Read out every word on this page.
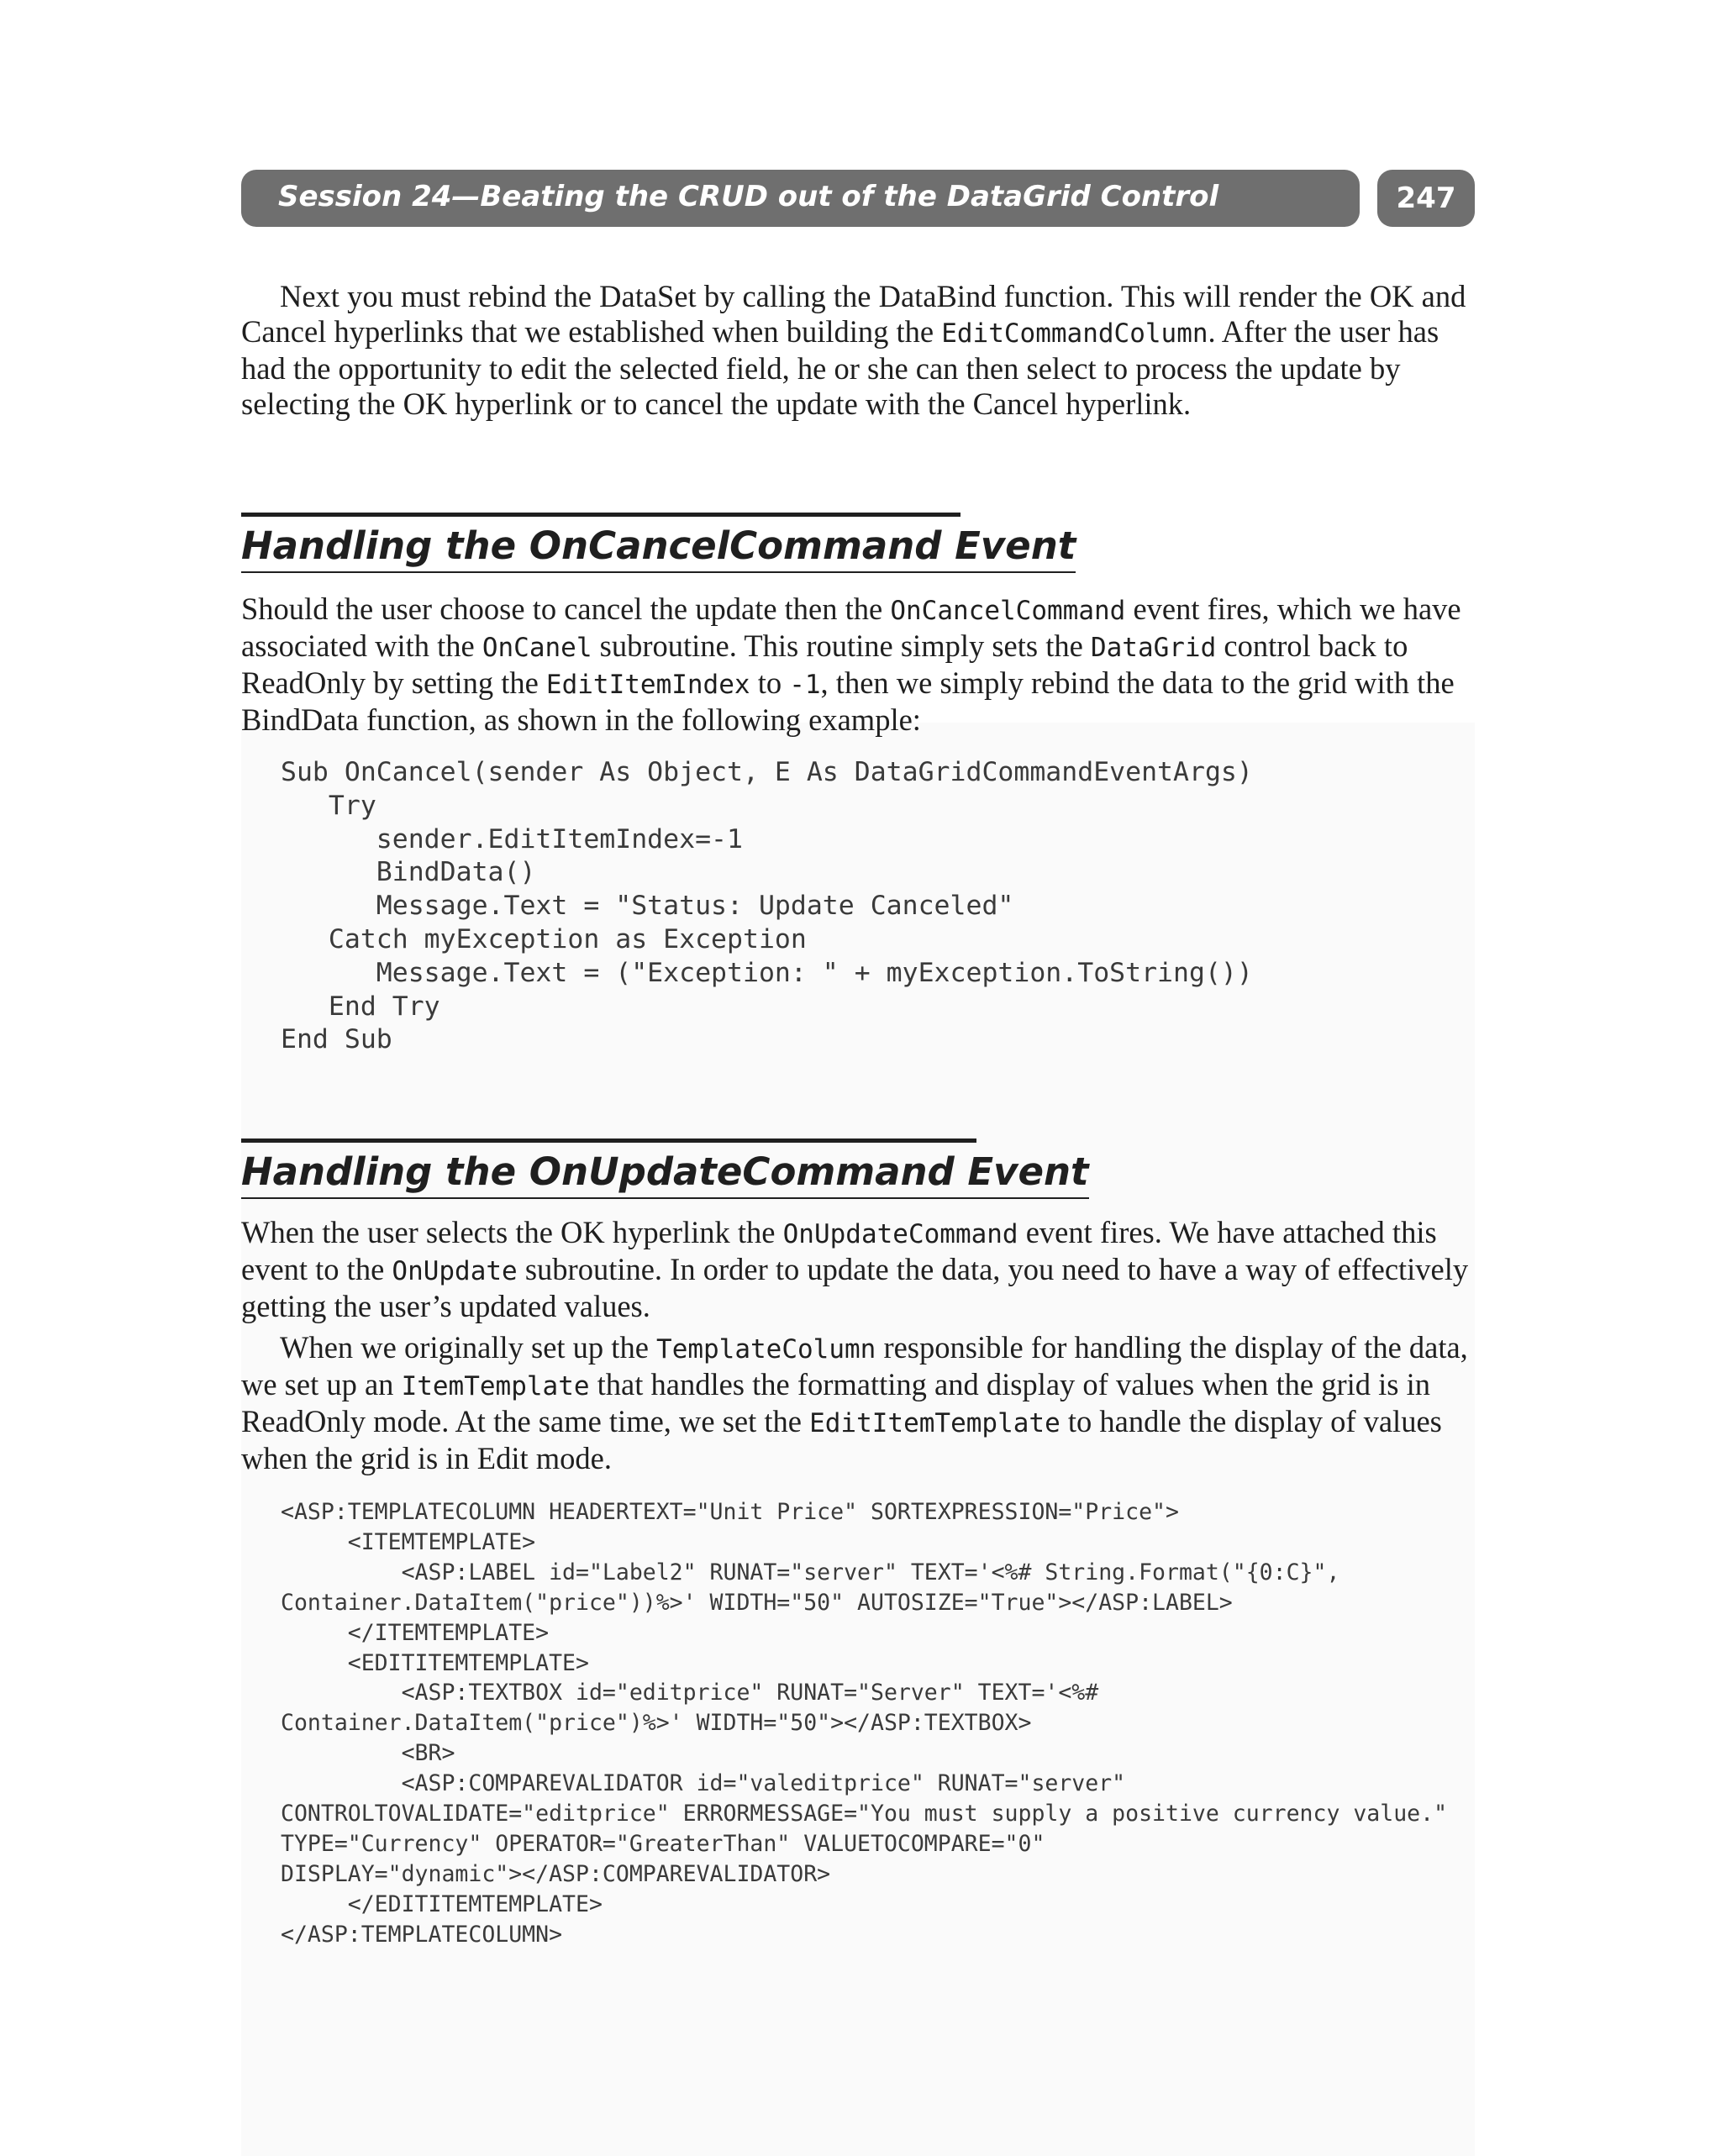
Session 24—Beating the CRUD out of the DataGrid Control	247

Next you must rebind the DataSet by calling the DataBind function. This will render the OK and Cancel hyperlinks that we established when building the EditCommandColumn. After the user has had the opportunity to edit the selected field, he or she can then select to process the update by selecting the OK hyperlink or to cancel the update with the Cancel hyperlink.

Handling the OnCancelCommand Event

Should the user choose to cancel the update then the OnCancelCommand event fires, which we have associated with the OnCanel subroutine. This routine simply sets the DataGrid control back to ReadOnly by setting the EditItemIndex to -1, then we simply rebind the data to the grid with the BindData function, as shown in the following example:

Sub OnCancel(sender As Object, E As DataGridCommandEventArgs)
Try
sender.EditItemIndex=-1
BindData()
Message.Text = "Status: Update Canceled"
Catch myException as Exception
Message.Text = ("Exception: " + myException.ToString())
End Try
End Sub
Handling the OnUpdateCommand Event

When the user selects the OK hyperlink the OnUpdateCommand event fires. We have attached this event to the OnUpdate subroutine. In order to update the data, you need to have a way of effectively getting the user’s updated values.

When we originally set up the TemplateColumn responsible for handling the display of the data, we set up an ItemTemplate that handles the formatting and display of values when the grid is in ReadOnly mode. At the same time, we set the EditItemTemplate to handle the display of values when the grid is in Edit mode.

<ASP:TEMPLATECOLUMN HEADERTEXT="Unit Price" SORTEXPRESSION="Price">
<ITEMTEMPLATE>
<ASP:LABEL id="Label2" RUNAT="server" TEXT='<%# String.Format("{0:C}",
Container.DataItem("price"))%>' WIDTH="50" AUTOSIZE="True"></ASP:LABEL>
</ITEMTEMPLATE>
<EDITITEMTEMPLATE>
<ASP:TEXTBOX id="editprice" RUNAT="Server" TEXT='<%#
Container.DataItem("price")%>' WIDTH="50"></ASP:TEXTBOX>
<BR>
<ASP:COMPAREVALIDATOR id="valeditprice" RUNAT="server"
CONTROLTOVALIDATE="editprice" ERRORMESSAGE="You must supply a positive currency value."
TYPE="Currency" OPERATOR="GreaterThan" VALUETOCOMPARE="0"
DISPLAY="dynamic"></ASP:COMPAREVALIDATOR>
</EDITITEMTEMPLATE>
</ASP:TEMPLATECOLUMN>
